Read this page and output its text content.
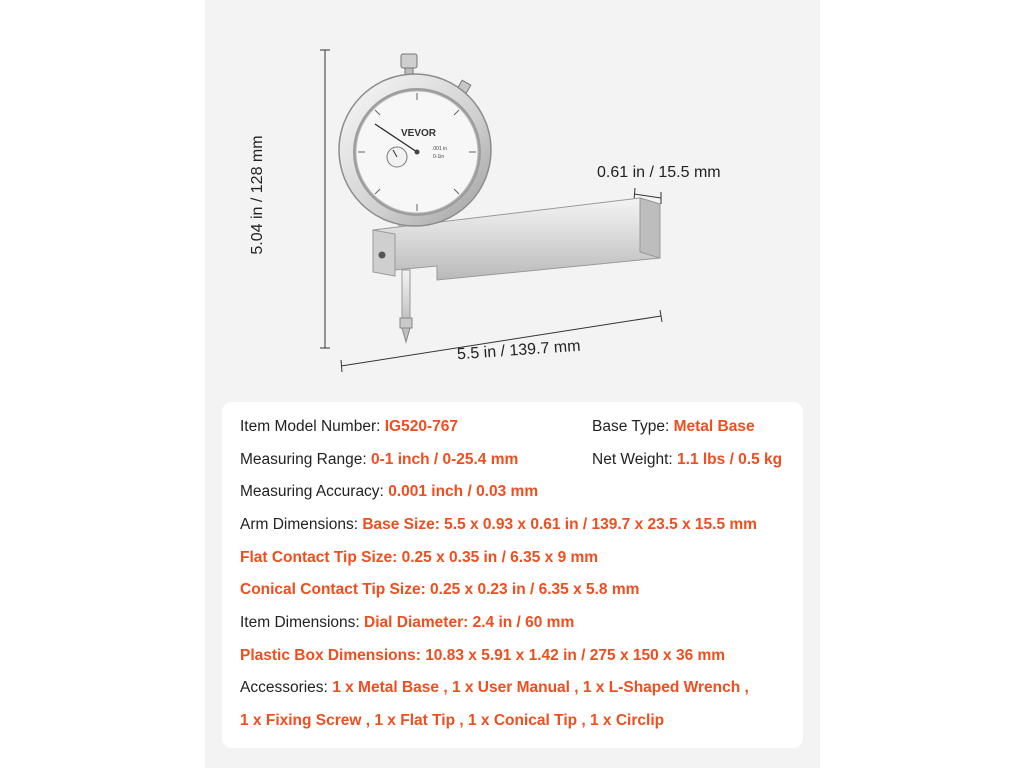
VEVOR
.001 in
0-1in
5.04 in / 128 mm	0.61 in / 15.5 mm
5.5 in / 139.7 mm
Item Model Number: IG520-767	Base Type: Metal Base
Measuring Range: 0-1 inch / 0-25.4 mm	Net Weight: 1.1 lbs / 0.5 kg
Measuring Accuracy: 0.001 inch / 0.03 mm
Arm Dimensions: Base Size: 5.5 x 0.93 x 0.61 in / 139.7 x 23.5 x 15.5 mm
Flat Contact Tip Size: 0.25 x 0.35 in / 6.35 x 9 mm
Conical Contact Tip Size: 0.25 x 0.23 in / 6.35 x 5.8 mm
Item Dimensions: Dial Diameter: 2.4 in / 60 mm
Plastic Box Dimensions: 10.83 x 5.91 x 1.42 in / 275 x 150 x 36 mm
Accessories: 1 x Metal Base , 1 x User Manual , 1 x L-Shaped Wrench ,
1 x Fixing Screw , 1 x Flat Tip , 1 x Conical Tip , 1 x Circlip
